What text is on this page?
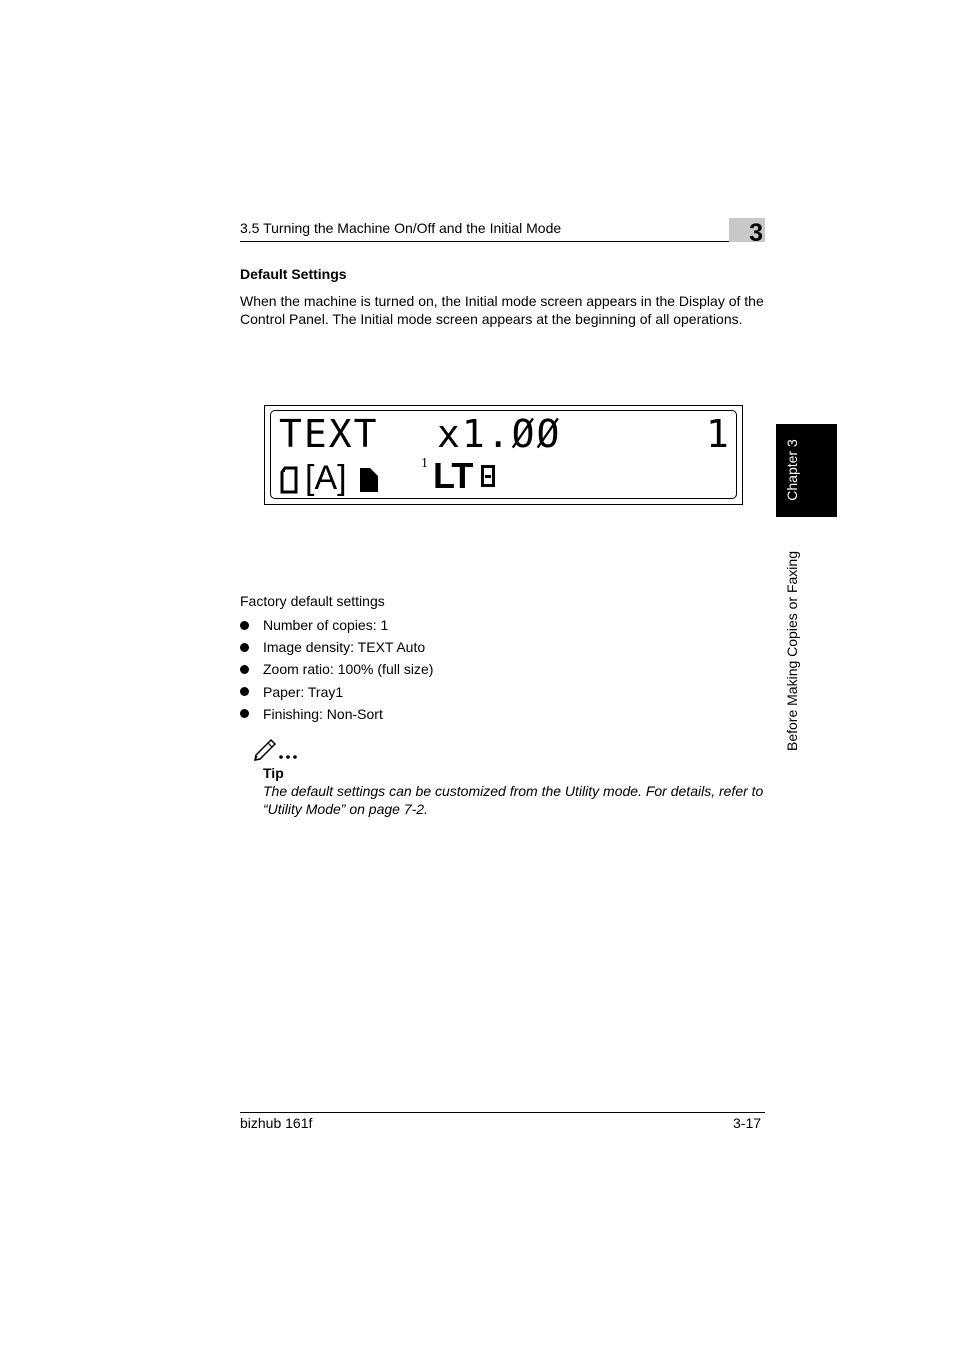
3.5 Turning the Machine On/Off and the Initial Mode	3
Default Settings
When the machine is turned on, the Initial mode screen appears in the Display of the Control Panel. The Initial mode screen appears at the beginning of all operations.
TEXT x1.ØØ	1
[A]	1 LT	Chapter 3
Before Making Copies or Faxing
Factory default settings
Number of copies: 1
Image density: TEXT Auto
Zoom ratio: 100% (full size)
Paper: Tray1
Finishing: Non-Sort
Tip
The default settings can be customized from the Utility mode. For details, refer to “Utility Mode” on page 7-2.
bizhub 161f	3-17
